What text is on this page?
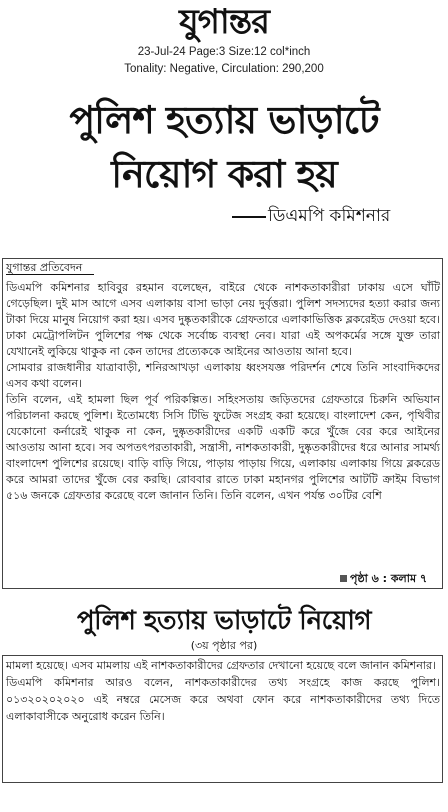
যুগান্তর
23-Jul-24 Page:3 Size:12 col*inch
Tonality: Negative, Circulation: 290,200
পুলিশ হত্যায় ভাড়াটে
নিয়োগ করা হয়
ডিএমপি কমিশনার
যুগান্তর প্রতিবেদন

ডিএমপি কমিশনার হাবিবুর রহমান বলেছেন, বাইরে থেকে নাশকতাকারীরা ঢাকায় এসে ঘাঁটি গেড়েছিল। দুই মাস আগে এসব এলাকায় বাসা ভাড়া নেয় দুর্বৃত্তরা। পুলিশ সদস্যদের হত্যা করার জন্য টাকা দিয়ে মানুষ নিয়োগ করা হয়। এসব দুষ্কৃতকারীকে গ্রেফতারে এলাকাভিত্তিক ব্লকরেইড দেওয়া হবে। ঢাকা মেট্রোপলিটন পুলিশের পক্ষ থেকে সর্বোচ্চ ব্যবস্থা নেব। যারা এই অপকর্মের সঙ্গে যুক্ত তারা যেখানেই লুকিয়ে থাকুক না কেন তাদের প্রত্যেককে আইনের আওতায় আনা হবে।

সোমবার রাজধানীর যাত্রাবাড়ী, শনিরআখড়া এলাকায় ধ্বংসযজ্ঞ পরিদর্শন শেষে তিনি সাংবাদিকদের এসব কথা বলেন।

তিনি বলেন, এই হামলা ছিল পূর্ব পরিকল্পিত। সহিংসতায় জড়িতদের গ্রেফতারে চিরুনি অভিযান পরিচালনা করছে পুলিশ। ইতোমধ্যে সিসি টিভি ফুটেজ সংগ্রহ করা হয়েছে। বাংলাদেশ কেন, পৃথিবীর যেকোনো কর্নারেই থাকুক না কেন, দুষ্কৃতকারীদের একটি একটি করে খুঁজে বের করে আইনের আওতায় আনা হবে। সব অপতৎপরতাকারী, সন্ত্রাসী, নাশকতাকারী, দুষ্কৃতকারীদের ধরে আনার সামর্থ্য বাংলাদেশ পুলিশের রয়েছে। বাড়ি বাড়ি গিয়ে, পাড়ায় পাড়ায় গিয়ে, এলাকায় এলাকায় গিয়ে ব্লকরেড করে আমরা তাদের খুঁজে বের করছি। রোববার রাতে ঢাকা মহানগর পুলিশের আটটি ক্রাইম বিভাগ ৫১৬ জনকে গ্রেফতার করেছে বলে জানান তিনি। তিনি বলেন, এখন পর্যন্ত ৩০টির বেশি

পৃষ্ঠা ৬ : কলাম ৭
পুলিশ হত্যায় ভাড়াটে নিয়োগ
(৩য় পৃষ্ঠার পর)

মামলা হয়েছে। এসব মামলায় এই নাশকতাকারীদের গ্রেফতার দেখানো হয়েছে বলে জানান কমিশনার।

ডিএমপি কমিশনার আরও বলেন, নাশকতাকারীদের তথ্য সংগ্রহে কাজ করছে পুলিশ। ০১৩২০২০২০২০ এই নম্বরে মেসেজ করে অথবা ফোন করে নাশকতাকারীদের তথ্য দিতে এলাকাবাসীকে অনুরোধ করেন তিনি।
